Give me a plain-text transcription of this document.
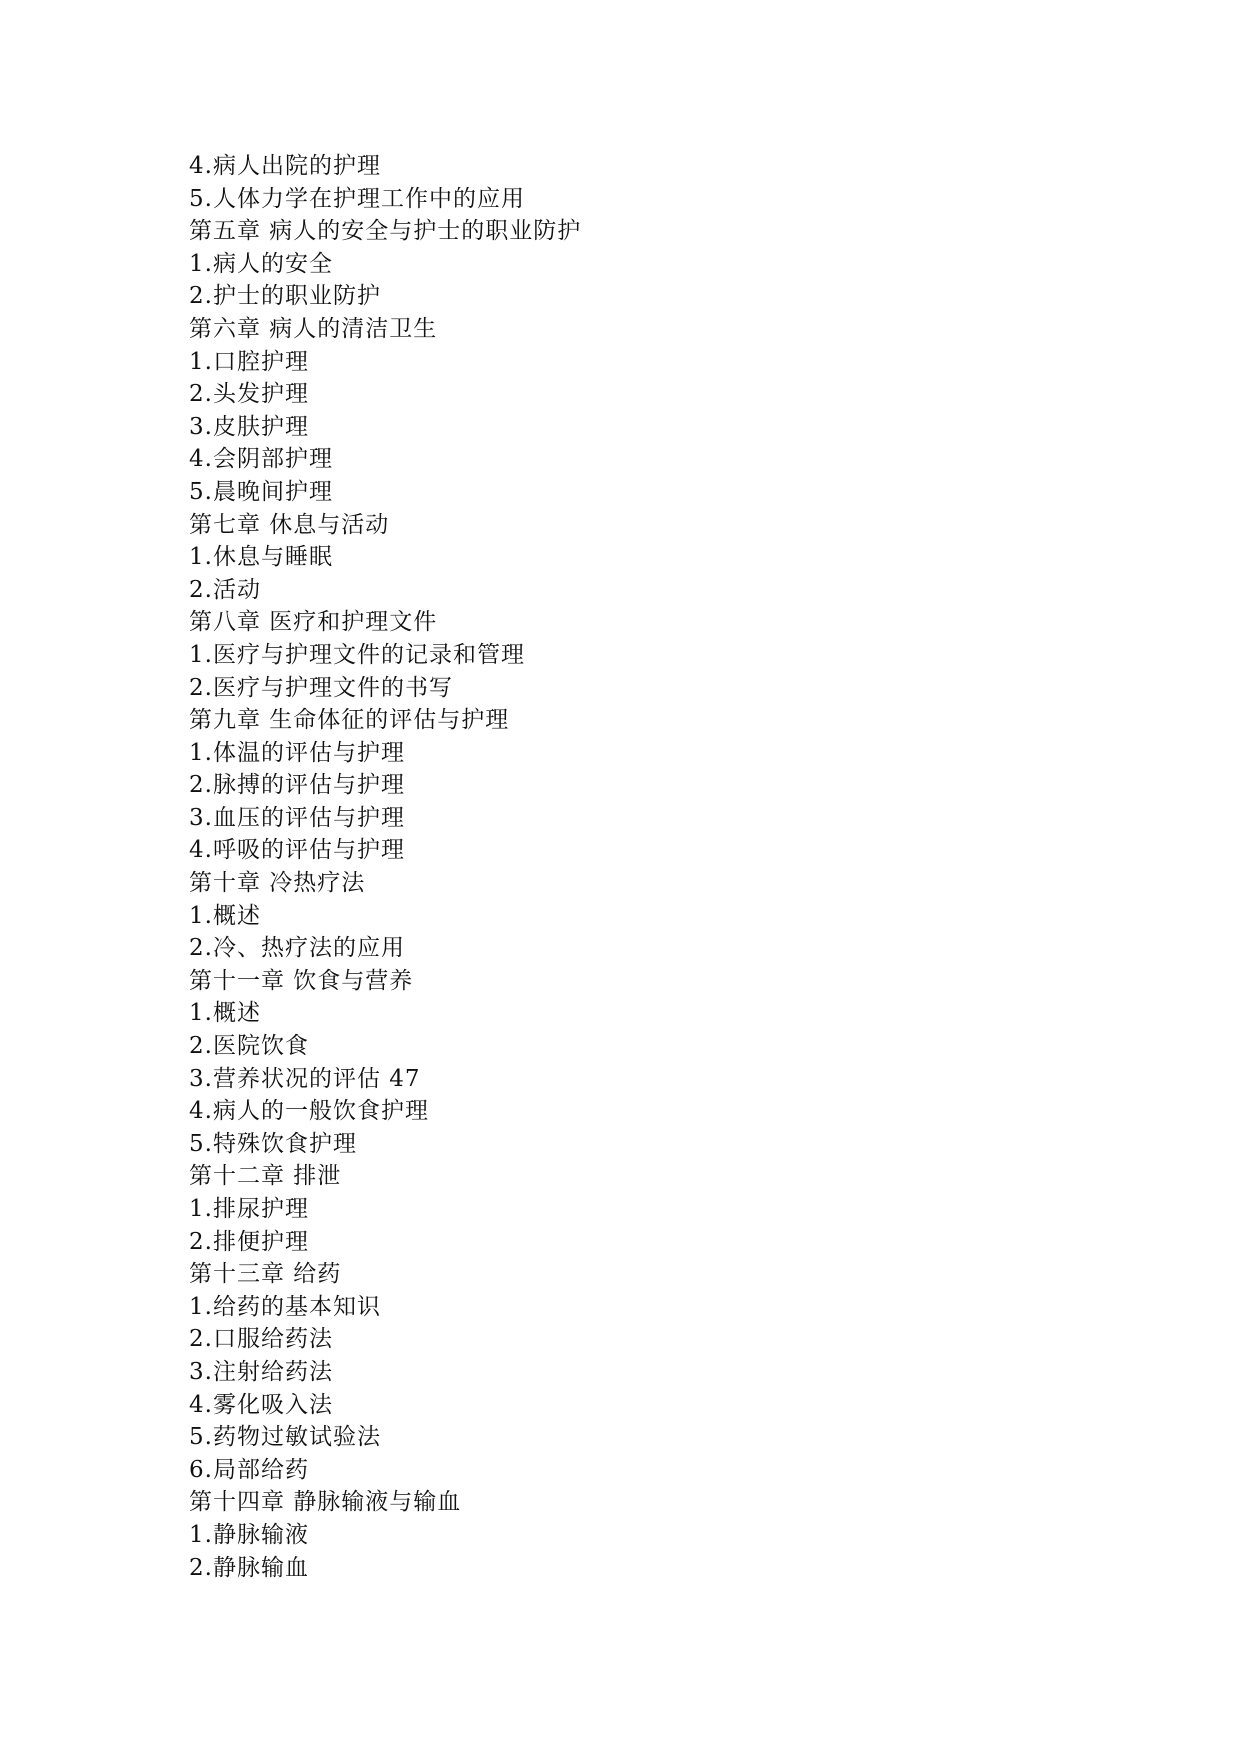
4.病人出院的护理
5.人体力学在护理工作中的应用
第五章 病人的安全与护士的职业防护
1.病人的安全
2.护士的职业防护
第六章 病人的清洁卫生
1.口腔护理
2.头发护理
3.皮肤护理
4.会阴部护理
5.晨晚间护理
第七章 休息与活动
1.休息与睡眠
2.活动
第八章 医疗和护理文件
1.医疗与护理文件的记录和管理
2.医疗与护理文件的书写
第九章 生命体征的评估与护理
1.体温的评估与护理
2.脉搏的评估与护理
3.血压的评估与护理
4.呼吸的评估与护理
第十章 冷热疗法
1.概述
2.冷、热疗法的应用
第十一章 饮食与营养
1.概述
2.医院饮食
3.营养状况的评估 47
4.病人的一般饮食护理
5.特殊饮食护理
第十二章 排泄
1.排尿护理
2.排便护理
第十三章 给药
1.给药的基本知识
2.口服给药法
3.注射给药法
4.雾化吸入法
5.药物过敏试验法
6.局部给药
第十四章 静脉输液与输血
1.静脉输液
2.静脉输血
